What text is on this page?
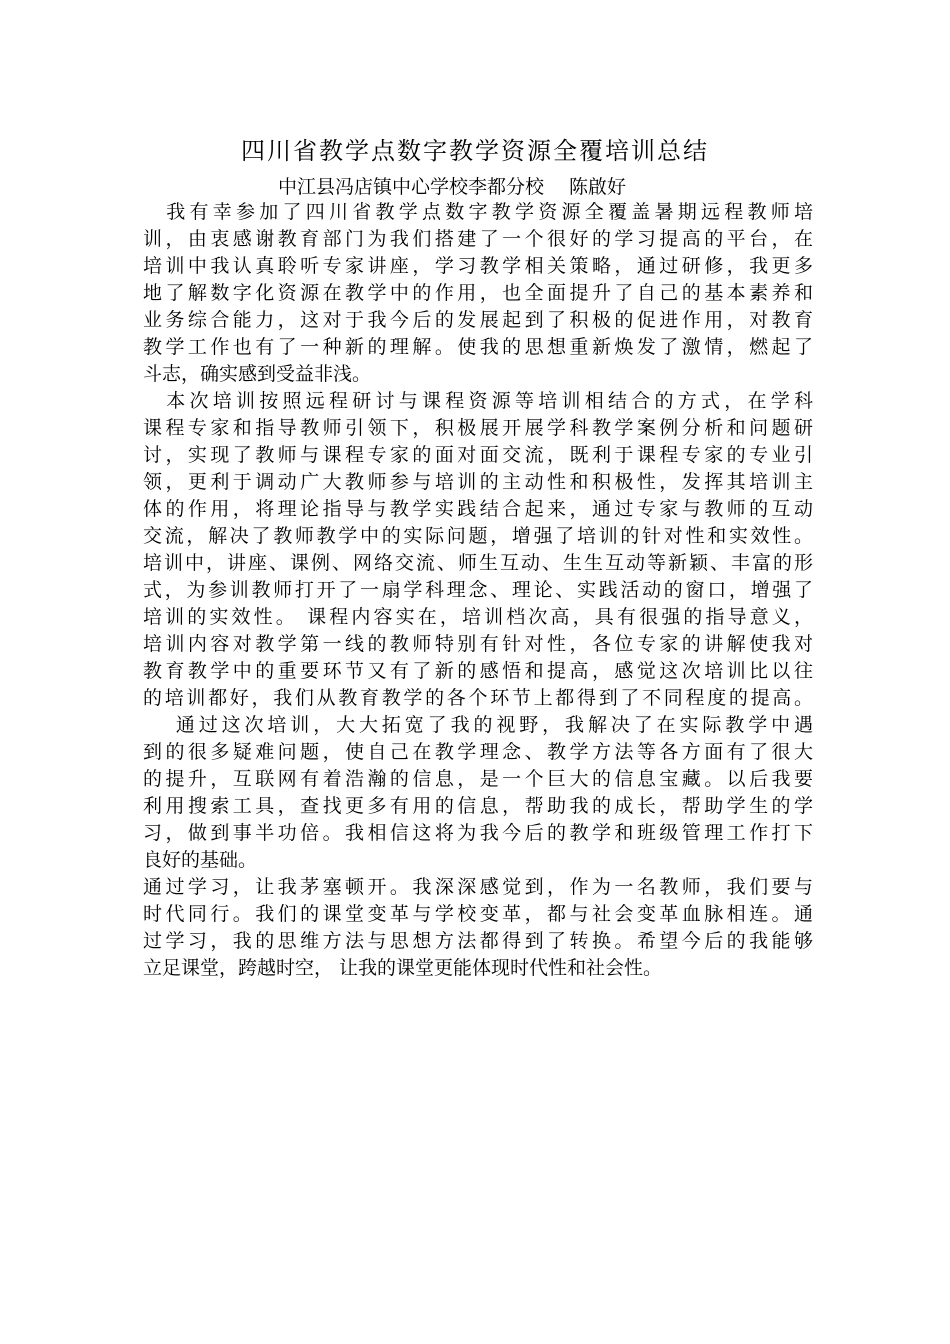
四川省教学点数字教学资源全覆培训总结
中江县冯店镇中心学校李都分校　 陈啟好
　我有幸参加了四川省教学点数字教学资源全覆盖暑期远程教师培
训，由衷感谢教育部门为我们搭建了一个很好的学习提高的平台，在
培训中我认真聆听专家讲座，学习教学相关策略，通过研修，我更多
地了解数字化资源在教学中的作用，也全面提升了自己的基本素养和
业务综合能力，这对于我今后的发展起到了积极的促进作用，对教育
教学工作也有了一种新的理解。使我的思想重新焕发了激情，燃起了
斗志，确实感到受益非浅。
　本次培训按照远程研讨与课程资源等培训相结合的方式，在学科
课程专家和指导教师引领下，积极展开展学科教学案例分析和问题研
讨，实现了教师与课程专家的面对面交流，既利于课程专家的专业引
领，更利于调动广大教师参与培训的主动性和积极性，发挥其培训主
体的作用，将理论指导与教学实践结合起来，通过专家与教师的互动
交流，解决了教师教学中的实际问题，增强了培训的针对性和实效性。
培训中，讲座、课例、网络交流、师生互动、生生互动等新颖、丰富的形
式，为参训教师打开了一扇学科理念、理论、实践活动的窗口，增强了
培训的实效性。 课程内容实在，培训档次高，具有很强的指导意义，
培训内容对教学第一线的教师特别有针对性，各位专家的讲解使我对
教育教学中的重要环节又有了新的感悟和提高，感觉这次培训比以往
的培训都好，我们从教育教学的各个环节上都得到了不同程度的提高。
　 通过这次培训，大大拓宽了我的视野，我解决了在实际教学中遇
到的很多疑难问题，使自己在教学理念、教学方法等各方面有了很大
的提升，互联网有着浩瀚的信息，是一个巨大的信息宝藏。以后我要
利用搜索工具，查找更多有用的信息，帮助我的成长，帮助学生的学
习，做到事半功倍。我相信这将为我今后的教学和班级管理工作打下
良好的基础。
通过学习，让我茅塞顿开。我深深感觉到，作为一名教师，我们要与
时代同行。我们的课堂变革与学校变革，都与社会变革血脉相连。通
过学习，我的思维方法与思想方法都得到了转换。希望今后的我能够
立足课堂，跨越时空， 让我的课堂更能体现时代性和社会性。
